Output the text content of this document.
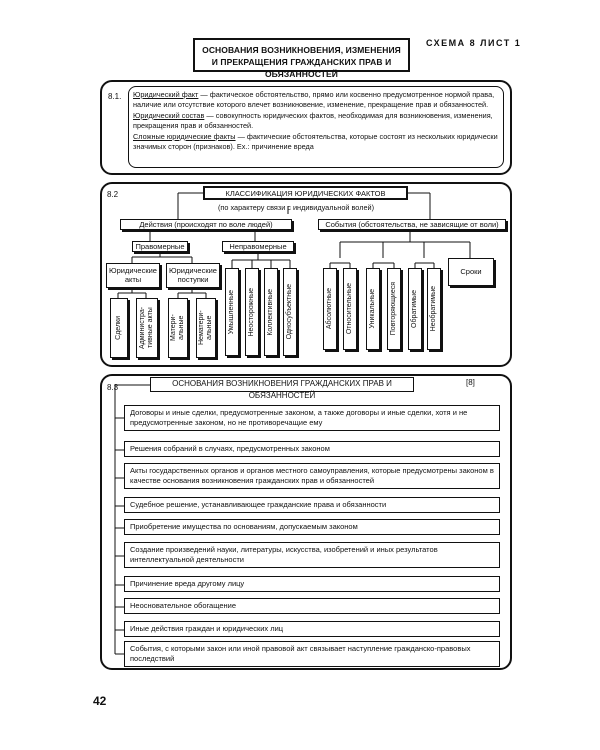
ОСНОВАНИЯ ВОЗНИКНОВЕНИЯ, ИЗМЕНЕНИЯ
И ПРЕКРАЩЕНИЯ ГРАЖДАНСКИХ ПРАВ И ОБЯЗАННОСТЕЙ
СХЕМА 8 ЛИСТ 1
8.1. Юридический факт — фактическое обстоятельство, прямо или косвенно предусмотренное нормой права, наличие или отсутствие которого влечет возникновение, изменение, прекращение прав и обязанностей.

Юридический состав — совокупность юридических фактов, необходимая для возникновения, изменения, прекращения прав и обязанностей.

Сложные юридические факты — фактические обстоятельства, которые состоят из нескольких юридически значимых сторон (признаков). Ex.: причинение вреда

8.2	КЛАССИФИКАЦИЯ ЮРИДИЧЕСКИХ ФАКТОВ
(по характеру связи с индивидуальной волей)
Действия (происходят по воле людей)	События (обстоятельства, не зависящие от воли)
Правомерные	Неправомерные
Юридические акты
Юридические поступки
Сделки Администра-тивные акты Матери-альные Нематери-альные Умышленные Неосторожные Коллективные Односубъектные	Абсолютные Относительные Уникальные Повторяющиеся Обратимые Необратимые
Сроки
8.3	ОСНОВАНИЯ ВОЗНИКНОВЕНИЯ ГРАЖДАНСКИХ ПРАВ И ОБЯЗАННОСТЕЙ
[8]
Договоры и иные сделки, предусмотренные законом, а также договоры и иные сделки, хотя и не предусмотренные законом, но не противоречащие ему
Решения собраний в случаях, предусмотренных законом
Акты государственных органов и органов местного самоуправления, которые предусмотрены законом в качестве основания возникновения гражданских прав и обязанностей
Судебное решение, устанавливающее гражданские права и обязанности
Приобретение имущества по основаниям, допускаемым законом
Создание произведений науки, литературы, искусства, изобретений и иных результатов интеллектуальной деятельности
Причинение вреда другому лицу
Неосновательное обогащение
Иные действия граждан и юридических лиц
События, с которыми закон или иной правовой акт связывает наступление гражданско-правовых последствий
42
